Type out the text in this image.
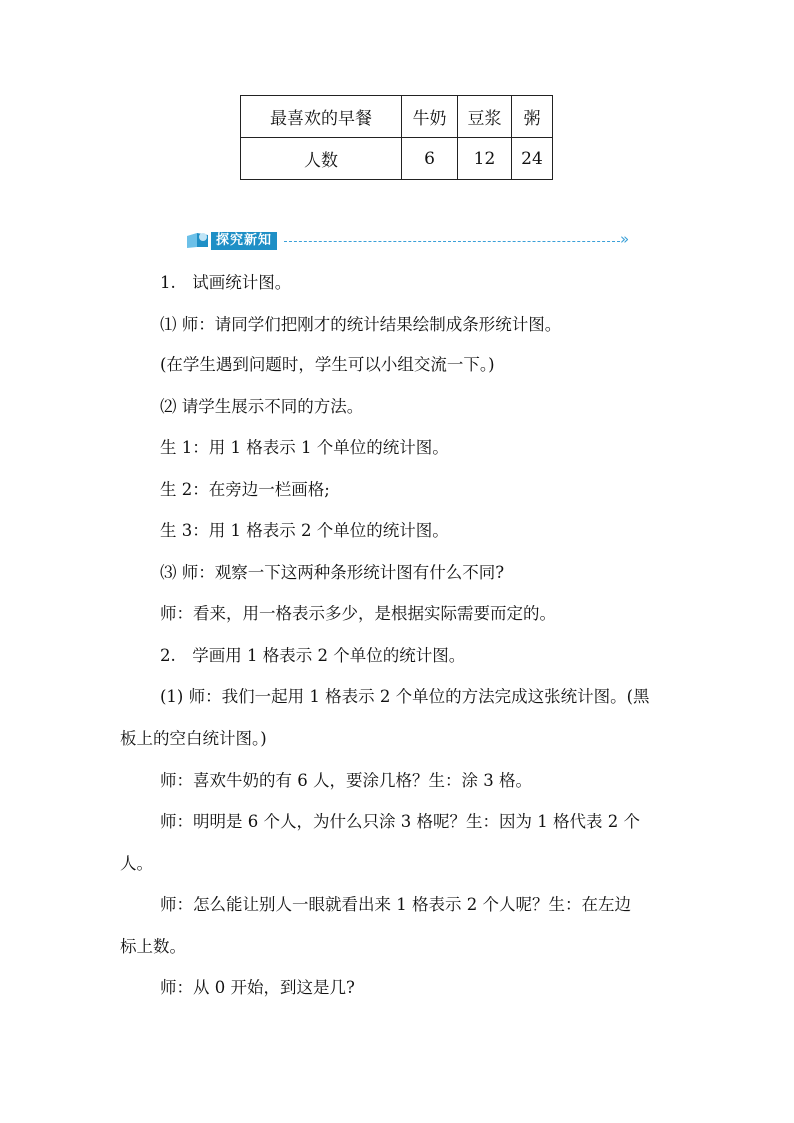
最喜欢的早餐	牛奶	豆浆	粥
人数	6	12	24
探究新知	»
1.　试画统计图。
⑴ 师：请同学们把刚才的统计结果绘制成条形统计图。
(在学生遇到问题时，学生可以小组交流一下。)
⑵ 请学生展示不同的方法。
生 1：用 1 格表示 1 个单位的统计图。
生 2：在旁边一栏画格;
生 3：用 1 格表示 2 个单位的统计图。
⑶ 师：观察一下这两种条形统计图有什么不同?
师：看来，用一格表示多少，是根据实际需要而定的。
2.　学画用 1 格表示 2 个单位的统计图。
(1) 师：我们一起用 1 格表示 2 个单位的方法完成这张统计图。(黑
板上的空白统计图。)
师：喜欢牛奶的有 6 人，要涂几格？生：涂 3 格。
师：明明是 6 个人，为什么只涂 3 格呢？生：因为 1 格代表 2 个
人。
师：怎么能让别人一眼就看出来 1 格表示 2 个人呢？生：在左边
标上数。
师：从 0 开始，到这是几?
